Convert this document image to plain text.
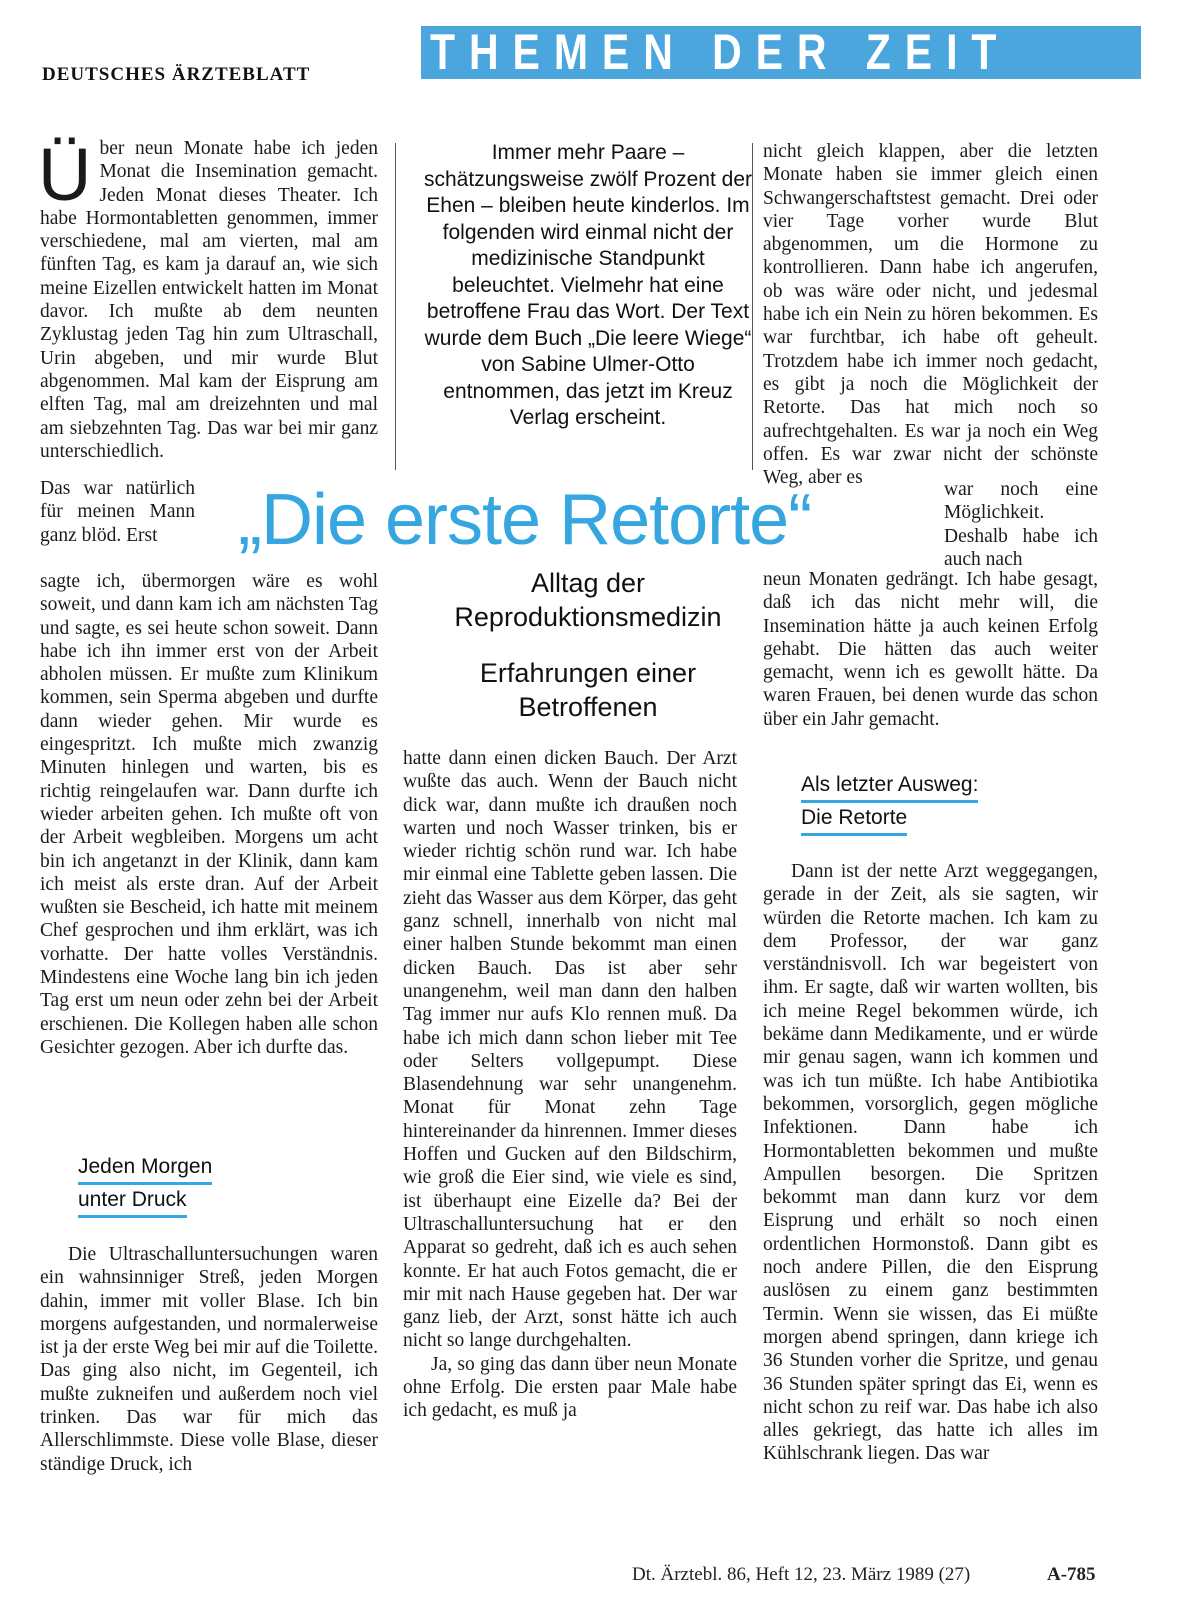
DEUTSCHES ÄRZTEBLATT	THEMEN DER ZEIT
Ü ber neun Monate habe ich jeden Monat die Insemination gemacht. Jeden Monat dieses Theater. Ich habe Hormontabletten genommen, immer verschiedene, mal am vierten, mal am fünften Tag, es kam ja darauf an, wie sich meine Eizellen entwickelt hatten im Monat davor. Ich mußte ab dem neunten Zyklustag jeden Tag hin zum Ultraschall, Urin abgeben, und mir wurde Blut abgenommen. Mal kam der Eisprung am elften Tag, mal am dreizehnten und mal am siebzehnten Tag. Das war bei mir ganz unterschiedlich.

Das war natürlich für meinen Mann ganz blöd. Erst

sagte ich, übermorgen wäre es wohl soweit, und dann kam ich am nächsten Tag und sagte, es sei heute schon soweit. Dann habe ich ihn immer erst von der Arbeit abholen müssen. Er mußte zum Klinikum kommen, sein Sperma abgeben und durfte dann wieder gehen. Mir wurde es eingespritzt. Ich mußte mich zwanzig Minuten hinlegen und warten, bis es richtig reingelaufen war. Dann durfte ich wieder arbeiten gehen. Ich mußte oft von der Arbeit wegbleiben. Morgens um acht bin ich angetanzt in der Klinik, dann kam ich meist als erste dran. Auf der Arbeit wußten sie Bescheid, ich hatte mit meinem Chef gesprochen und ihm erklärt, was ich vorhatte. Der hatte volles Verständnis. Mindestens eine Woche lang bin ich jeden Tag erst um neun oder zehn bei der Arbeit erschienen. Die Kollegen haben alle schon Gesichter gezogen. Aber ich durfte das.

Jeden Morgen
unter Druck

Die Ultraschalluntersuchungen waren ein wahnsinniger Streß, jeden Morgen dahin, immer mit voller Blase. Ich bin morgens aufgestanden, und normalerweise ist ja der erste Weg bei mir auf die Toilette. Das ging also nicht, im Gegenteil, ich mußte zukneifen und außerdem noch viel trinken. Das war für mich das Allerschlimmste. Diese volle Blase, dieser ständige Druck, ich

Immer mehr Paare – schätzungsweise zwölf Prozent der Ehen – bleiben heute kinderlos. Im folgenden wird einmal nicht der medizinische Standpunkt beleuchtet. Vielmehr hat eine betroffene Frau das Wort. Der Text wurde dem Buch „Die leere Wiege“ von Sabine Ulmer-Otto entnommen, das jetzt im Kreuz Verlag erscheint.
Alltag der Reproduktionsmedizin
Erfahrungen einer Betroffenen

hatte dann einen dicken Bauch. Der Arzt wußte das auch. Wenn der Bauch nicht dick war, dann mußte ich draußen noch warten und noch Wasser trinken, bis er wieder richtig schön rund war. Ich habe mir einmal eine Tablette geben lassen. Die zieht das Wasser aus dem Körper, das geht ganz schnell, innerhalb von nicht mal einer halben Stunde bekommt man einen dicken Bauch. Das ist aber sehr unangenehm, weil man dann den halben Tag immer nur aufs Klo rennen muß. Da habe ich mich dann schon lieber mit Tee oder Selters vollgepumpt. Diese Blasendehnung war sehr unangenehm. Monat für Monat zehn Tage hintereinander da hinrennen. Immer dieses Hoffen und Gucken auf den Bildschirm, wie groß die Eier sind, wie viele es sind, ist überhaupt eine Eizelle da? Bei der Ultraschalluntersuchung hat er den Apparat so gedreht, daß ich es auch sehen konnte. Er hat auch Fotos gemacht, die er mir mit nach Hause gegeben hat. Der war ganz lieb, der Arzt, sonst hätte ich auch nicht so lange durchgehalten.

Ja, so ging das dann über neun Monate ohne Erfolg. Die ersten paar Male habe ich gedacht, es muß ja

„Die erste Retorte“

nicht gleich klappen, aber die letzten Monate haben sie immer gleich einen Schwangerschaftstest gemacht. Drei oder vier Tage vorher wurde Blut abgenommen, um die Hormone zu kontrollieren. Dann habe ich angerufen, ob was wäre oder nicht, und jedesmal habe ich ein Nein zu hören bekommen. Es war furchtbar, ich habe oft geheult. Trotzdem habe ich immer noch gedacht, es gibt ja noch die Möglichkeit der Retorte. Das hat mich noch so aufrechtgehalten. Es war ja noch ein Weg offen. Es war zwar nicht der schönste Weg, aber es

war noch eine Möglichkeit. Deshalb habe ich auch nach

neun Monaten gedrängt. Ich habe gesagt, daß ich das nicht mehr will, die Insemination hätte ja auch keinen Erfolg gehabt. Die hätten das auch weiter gemacht, wenn ich es gewollt hätte. Da waren Frauen, bei denen wurde das schon über ein Jahr gemacht.

Als letzter Ausweg:
Die Retorte

Dann ist der nette Arzt weggegangen, gerade in der Zeit, als sie sagten, wir würden die Retorte machen. Ich kam zu dem Professor, der war ganz verständnisvoll. Ich war begeistert von ihm. Er sagte, daß wir warten wollten, bis ich meine Regel bekommen würde, ich bekäme dann Medikamente, und er würde mir genau sagen, wann ich kommen und was ich tun müßte. Ich habe Antibiotika bekommen, vorsorglich, gegen mögliche Infektionen. Dann habe ich Hormontabletten bekommen und mußte Ampullen besorgen. Die Spritzen bekommt man dann kurz vor dem Eisprung und erhält so noch einen ordentlichen Hormonstoß. Dann gibt es noch andere Pillen, die den Eisprung auslösen zu einem ganz bestimmten Termin. Wenn sie wissen, das Ei müßte morgen abend springen, dann kriege ich 36 Stunden vorher die Spritze, und genau 36 Stunden später springt das Ei, wenn es nicht schon zu reif war. Das habe ich also alles gekriegt, das hatte ich alles im Kühlschrank liegen. Das war

Dt. Ärztebl. 86, Heft 12, 23. März 1989 (27)	A-785
